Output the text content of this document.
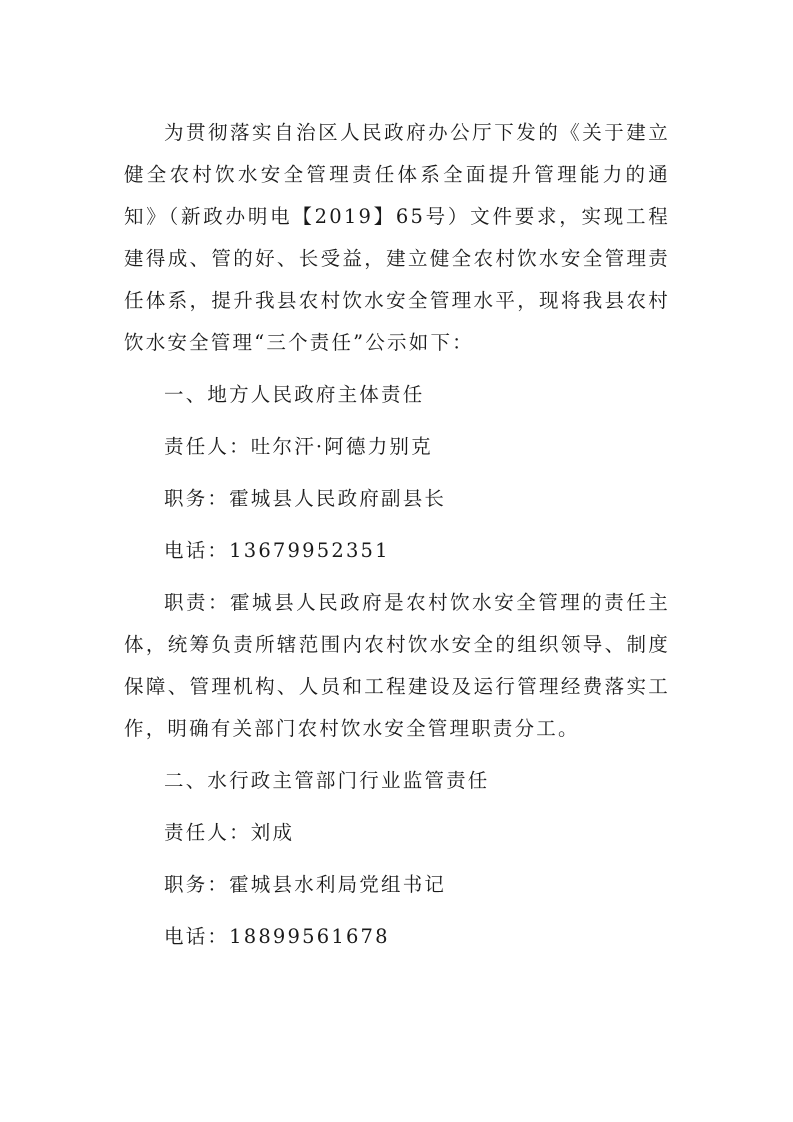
为贯彻落实自治区人民政府办公厅下发的《关于建立健全农村饮水安全管理责任体系全面提升管理能力的通知》（新政办明电【2019】65号）文件要求，实现工程建得成、管的好、长受益，建立健全农村饮水安全管理责任体系，提升我县农村饮水安全管理水平，现将我县农村饮水安全管理“三个责任”公示如下：

一、地方人民政府主体责任

责任人：吐尔汗·阿德力别克

职务：霍城县人民政府副县长

电话：13679952351

职责：霍城县人民政府是农村饮水安全管理的责任主体，统筹负责所辖范围内农村饮水安全的组织领导、制度保障、管理机构、人员和工程建设及运行管理经费落实工作，明确有关部门农村饮水安全管理职责分工。

二、水行政主管部门行业监管责任

责任人：刘成

职务：霍城县水利局党组书记

电话：18899561678
